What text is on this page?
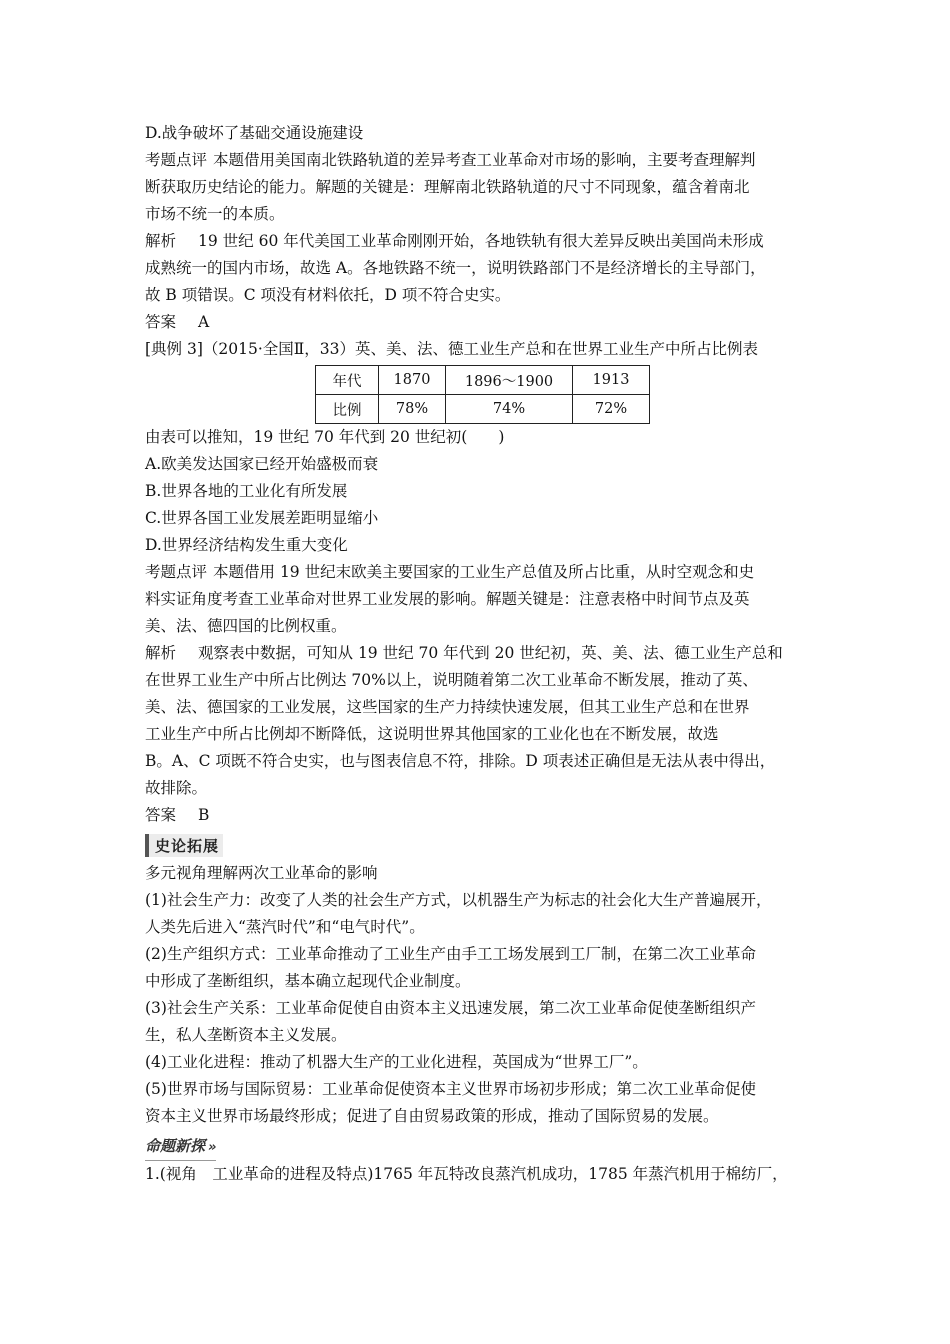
D.战争破坏了基础交通设施建设
考题点评 本题借用美国南北铁路轨道的差异考查工业革命对市场的影响，主要考查理解判
断获取历史结论的能力。解题的关键是：理解南北铁路轨道的尺寸不同现象，蕴含着南北
市场不统一的本质。
解析 19 世纪 60 年代美国工业革命刚刚开始，各地铁轨有很大差异反映出美国尚未形成
成熟统一的国内市场，故选 A。各地铁路不统一，说明铁路部门不是经济增长的主导部门，
故 B 项错误。C 项没有材料依托，D 项不符合史实。
答案 A
[典例 3]（2015·全国Ⅱ，33）英、美、法、德工业生产总和在世界工业生产中所占比例表
年代	1870	1896～1900	1913
比例	78%	74%	72%
由表可以推知，19 世纪 70 年代到 20 世纪初(　　)
A.欧美发达国家已经开始盛极而衰
B.世界各地的工业化有所发展
C.世界各国工业发展差距明显缩小
D.世界经济结构发生重大变化
考题点评 本题借用 19 世纪末欧美主要国家的工业生产总值及所占比重，从时空观念和史
料实证角度考查工业革命对世界工业发展的影响。解题关键是：注意表格中时间节点及英
美、法、德四国的比例权重。
解析 观察表中数据，可知从 19 世纪 70 年代到 20 世纪初，英、美、法、德工业生产总和
在世界工业生产中所占比例达 70%以上，说明随着第二次工业革命不断发展，推动了英、
美、法、德国家的工业发展，这些国家的生产力持续快速发展，但其工业生产总和在世界
工业生产中所占比例却不断降低，这说明世界其他国家的工业化也在不断发展，故选
B。A、C 项既不符合史实，也与图表信息不符，排除。D 项表述正确但是无法从表中得出，
故排除。
答案 B
史论拓展
多元视角理解两次工业革命的影响
(1)社会生产力：改变了人类的社会生产方式，以机器生产为标志的社会化大生产普遍展开，
人类先后进入“蒸汽时代”和“电气时代”。
(2)生产组织方式：工业革命推动了工业生产由手工工场发展到工厂制，在第二次工业革命
中形成了垄断组织，基本确立起现代企业制度。
(3)社会生产关系：工业革命促使自由资本主义迅速发展，第二次工业革命促使垄断组织产
生，私人垄断资本主义发展。
(4)工业化进程：推动了机器大生产的工业化进程，英国成为“世界工厂”。
(5)世界市场与国际贸易：工业革命促使资本主义世界市场初步形成；第二次工业革命促使
资本主义世界市场最终形成；促进了自由贸易政策的形成，推动了国际贸易的发展。
命题新探 »
1.(视角　工业革命的进程及特点)1765 年瓦特改良蒸汽机成功，1785 年蒸汽机用于棉纺厂，
